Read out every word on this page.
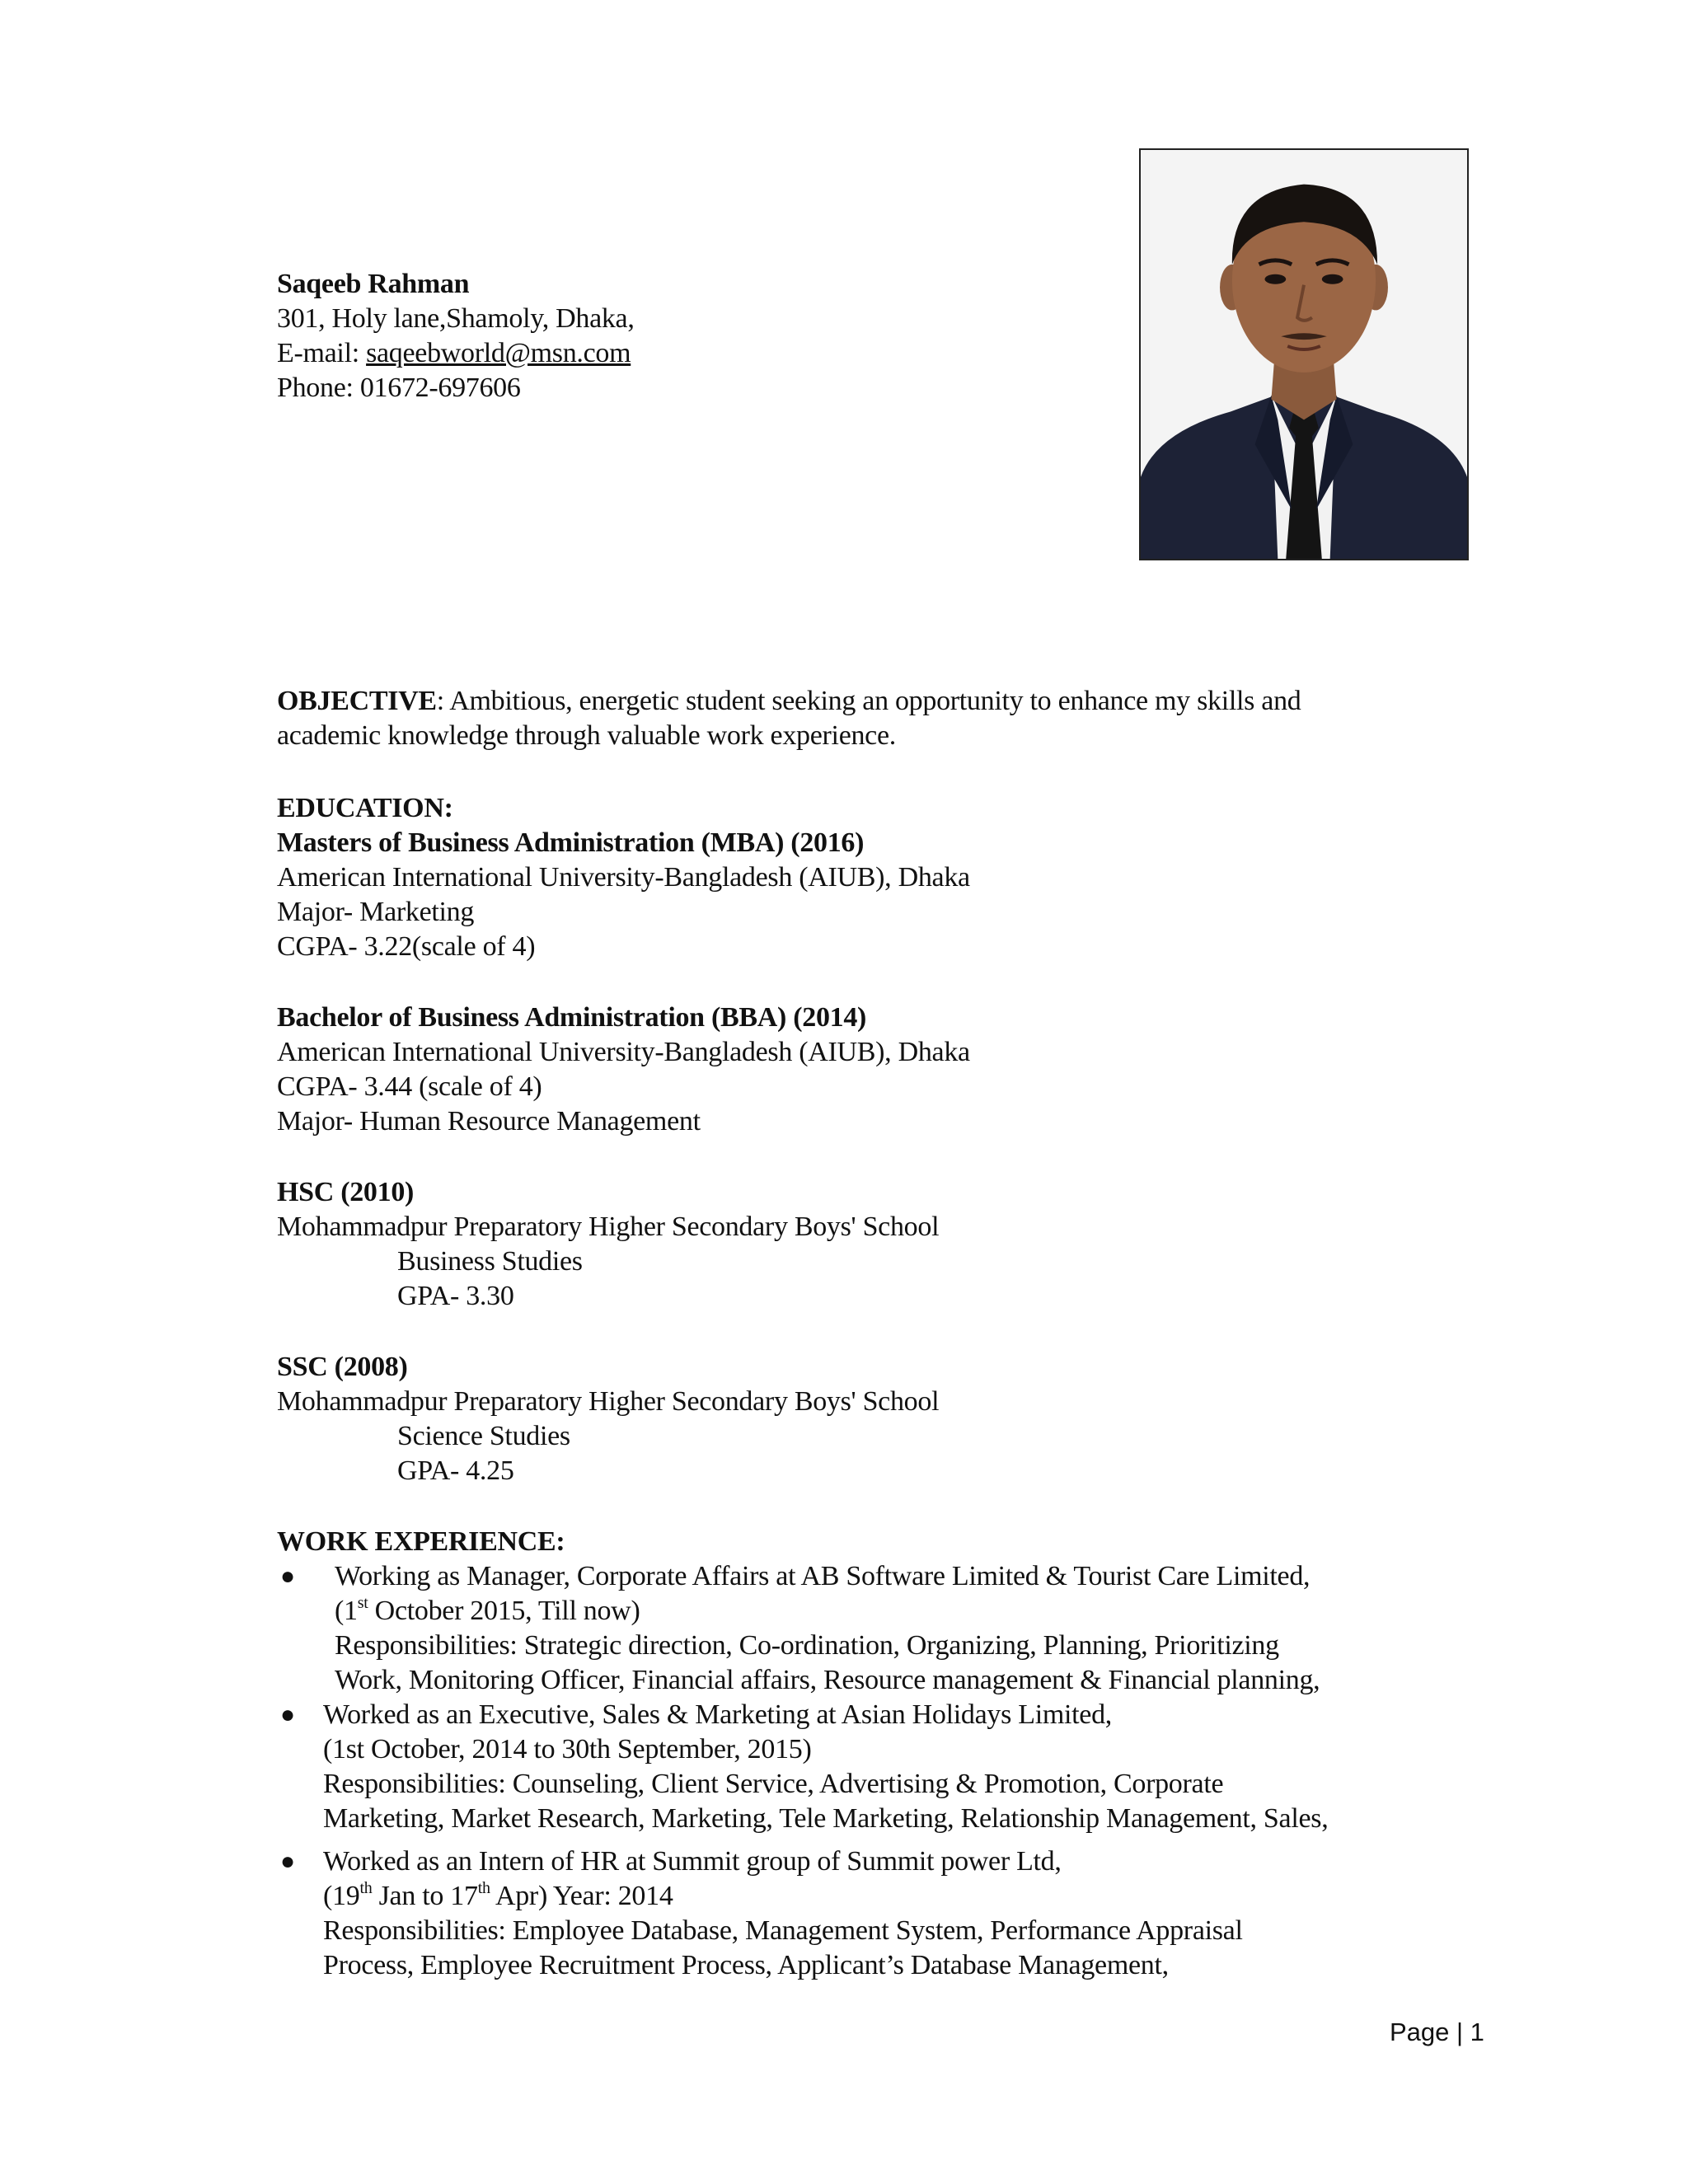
Saqeeb Rahman
301, Holy lane,Shamoly, Dhaka,
E-mail: saqeebworld@msn.com
Phone: 01672-697606
OBJECTIVE: Ambitious, energetic student seeking an opportunity to enhance my skills and
academic knowledge through valuable work experience.
EDUCATION:
Masters of Business Administration (MBA) (2016)
American International University-Bangladesh (AIUB), Dhaka
Major- Marketing
CGPA- 3.22(scale of 4)
Bachelor of Business Administration (BBA) (2014)
American International University-Bangladesh (AIUB), Dhaka
CGPA- 3.44 (scale of 4)
Major- Human Resource Management
HSC (2010)
Mohammadpur Preparatory Higher Secondary Boys' School
Business Studies
GPA- 3.30
SSC (2008)
Mohammadpur Preparatory Higher Secondary Boys' School
Science Studies
GPA- 4.25
WORK EXPERIENCE:
● Working as Manager, Corporate Affairs at AB Software Limited & Tourist Care Limited,
(1st October 2015, Till now)
Responsibilities: Strategic direction, Co-ordination, Organizing, Planning, Prioritizing
Work, Monitoring Officer, Financial affairs, Resource management & Financial planning,
● Worked as an Executive, Sales & Marketing at Asian Holidays Limited,
(1st October, 2014 to 30th September, 2015)
Responsibilities: Counseling, Client Service, Advertising & Promotion, Corporate
Marketing, Market Research, Marketing, Tele Marketing, Relationship Management, Sales,
● Worked as an Intern of HR at Summit group of Summit power Ltd,
(19th Jan to 17th Apr) Year: 2014
Responsibilities: Employee Database, Management System, Performance Appraisal
Process, Employee Recruitment Process, Applicant’s Database Management,
Page | 1
